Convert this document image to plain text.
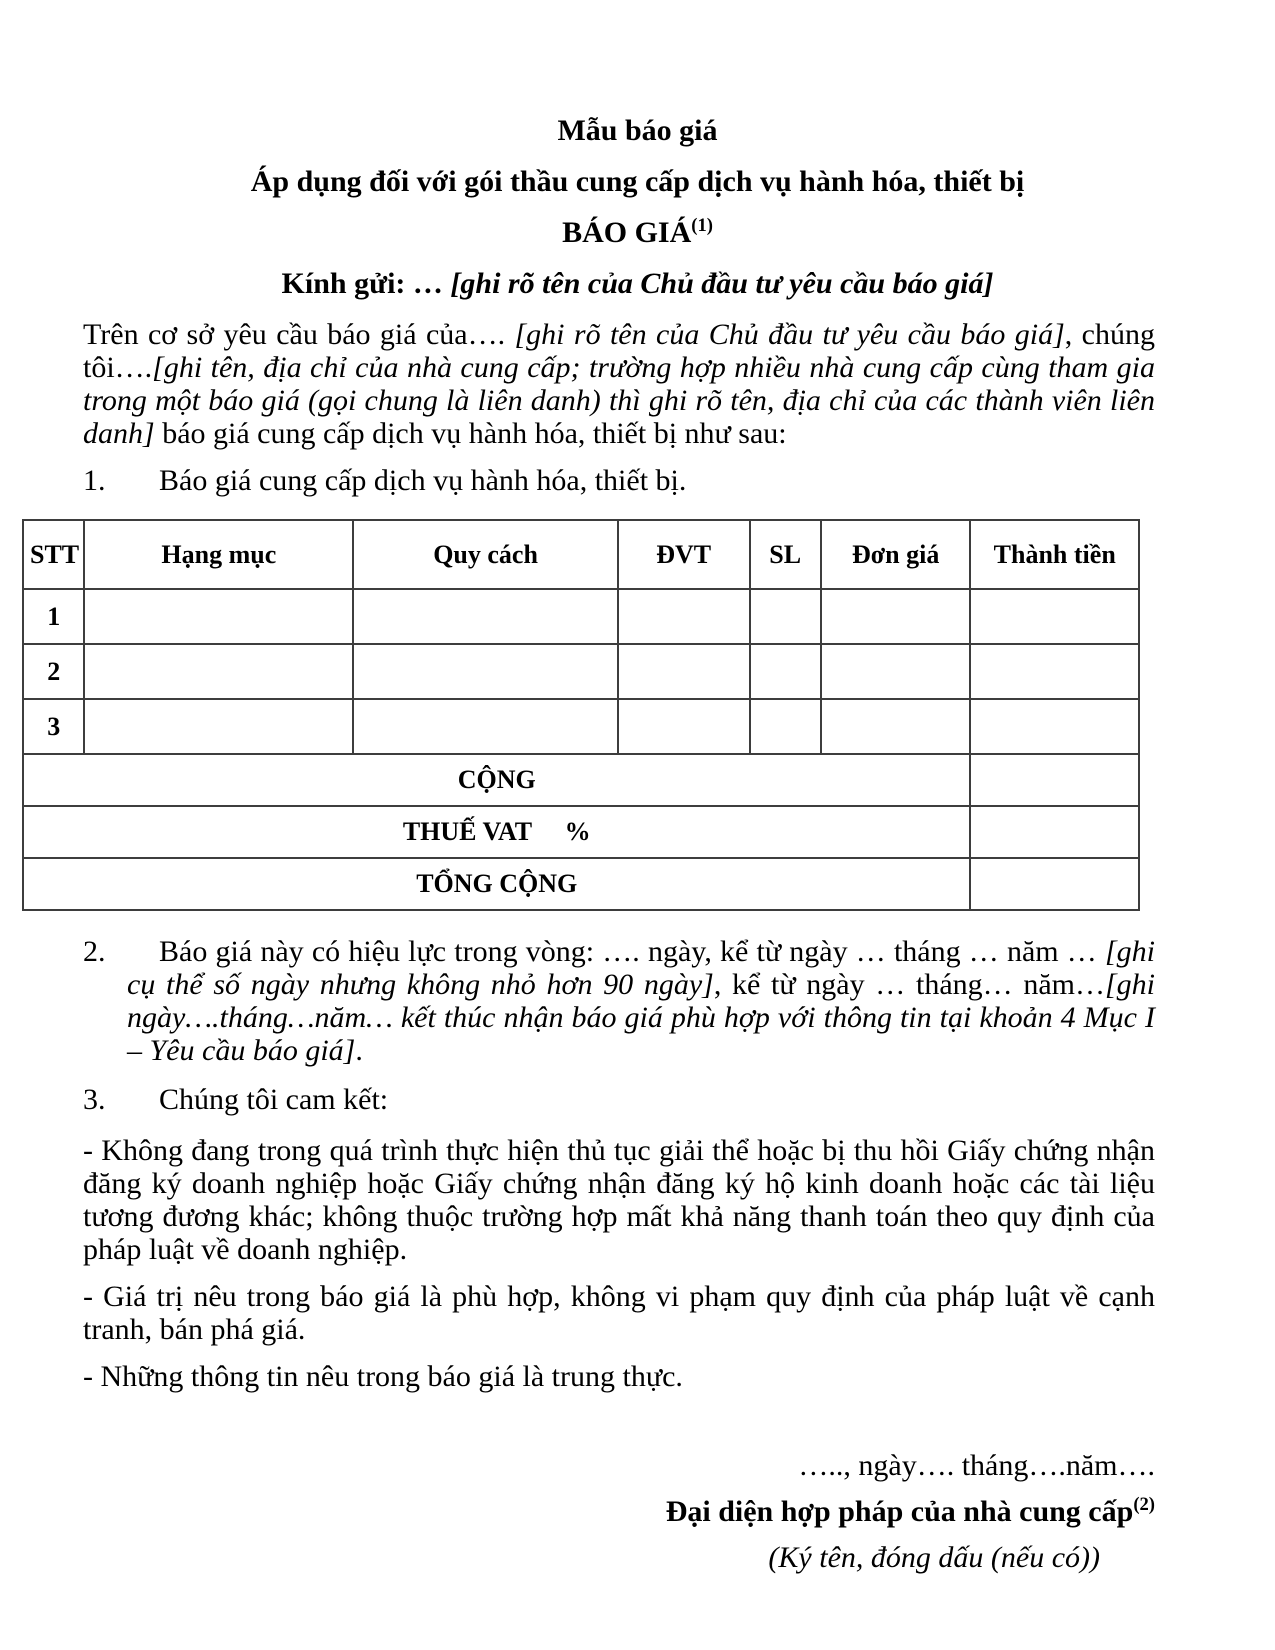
Mẫu báo giá

Áp dụng đối với gói thầu cung cấp dịch vụ hành hóa, thiết bị

BÁO GIÁ$^{(1)}$

Kính gửi: … [ghi rõ tên của Chủ đầu tư yêu cầu báo giá]

Trên cơ sở yêu cầu báo giá của…. [ghi rõ tên của Chủ đầu tư yêu cầu báo giá], chúng tôi….[ghi tên, địa chỉ của nhà cung cấp; trường hợp nhiều nhà cung cấp cùng tham gia trong một báo giá (gọi chung là liên danh) thì ghi rõ tên, địa chỉ của các thành viên liên danh] báo giá cung cấp dịch vụ hành hóa, thiết bị như sau:

1. Báo giá cung cấp dịch vụ hành hóa, thiết bị.

STT	Hạng mục	Quy cách	ĐVT	SL	Đơn giá	Thành tiền
1						
2						
3						
CỘNG						
THUẾ VAT     %						
TỔNG CỘNG						

2. Báo giá này có hiệu lực trong vòng: …. ngày, kể từ ngày … tháng … năm … [ghi cụ thể số ngày nhưng không nhỏ hơn 90 ngày], kể từ ngày … tháng… năm…[ghi ngày….tháng…năm… kết thúc nhận báo giá phù hợp với thông tin tại khoản 4 Mục I – Yêu cầu báo giá].

3. Chúng tôi cam kết:

- Không đang trong quá trình thực hiện thủ tục giải thể hoặc bị thu hồi Giấy chứng nhận đăng ký doanh nghiệp hoặc Giấy chứng nhận đăng ký hộ kinh doanh hoặc các tài liệu tương đương khác; không thuộc trường hợp mất khả năng thanh toán theo quy định của pháp luật về doanh nghiệp.

- Giá trị nêu trong báo giá là phù hợp, không vi phạm quy định của pháp luật về cạnh tranh, bán phá giá.

- Những thông tin nêu trong báo giá là trung thực.

….., ngày…. tháng….năm….

Đại diện hợp pháp của nhà cung cấp$^{(2)}$

(Ký tên, đóng dấu (nếu có))
